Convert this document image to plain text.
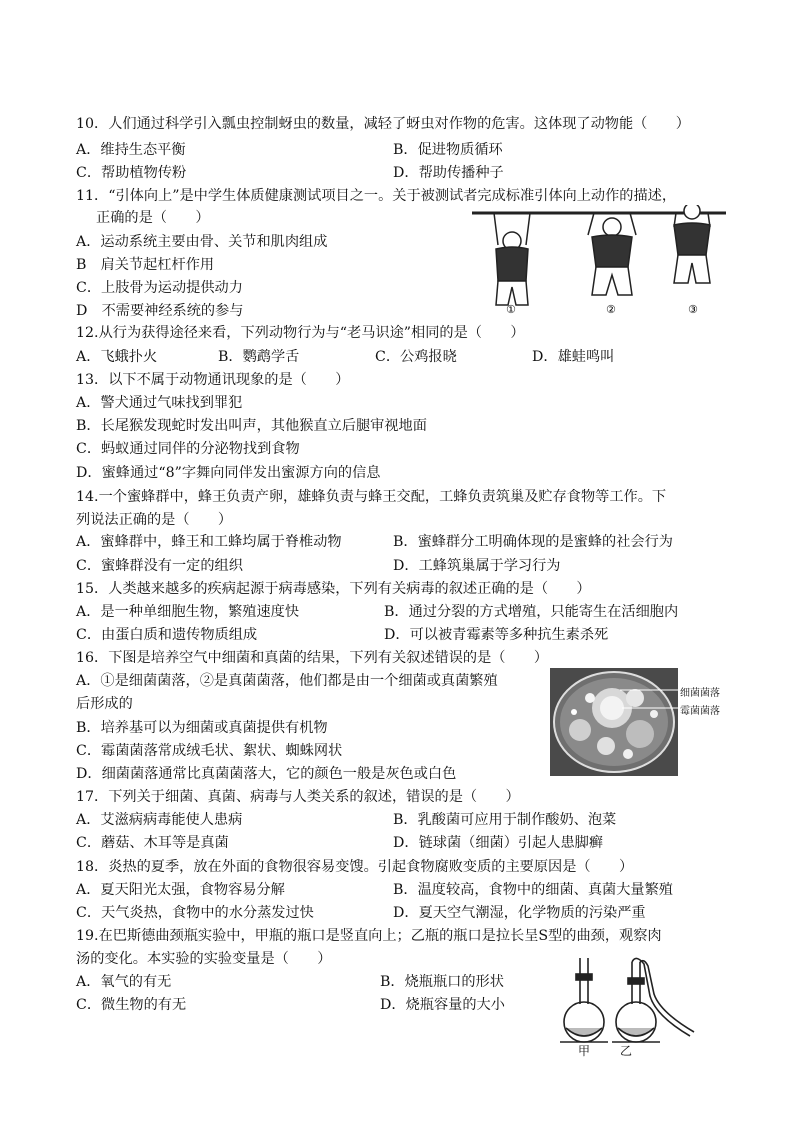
10．人们通过科学引入瓢虫控制蚜虫的数量，减轻了蚜虫对作物的危害。这体现了动物能（　　）
A．维持生态平衡	B．促进物质循环
C．帮助植物传粉	D．帮助传播种子
11．“引体向上”是中学生体质健康测试项目之一。关于被测试者完成标准引体向上动作的描述，
正确的是（　　）
A．运动系统主要由骨、关节和肌肉组成
B　肩关节起杠杆作用
C．上肢骨为运动提供动力
D　不需要神经系统的参与	①	②	③
12.从行为获得途径来看，下列动物行为与“老马识途”相同的是（　　）
A．飞蛾扑火	B．鹦鹉学舌	C．公鸡报晓	D．雄蛙鸣叫
13．以下不属于动物通讯现象的是（　　）
A．警犬通过气味找到罪犯
B．长尾猴发现蛇时发出叫声，其他猴直立后腿审视地面
C．蚂蚁通过同伴的分泌物找到食物
D．蜜蜂通过“8”字舞向同伴发出蜜源方向的信息
14.一个蜜蜂群中，蜂王负责产卵，雄蜂负责与蜂王交配，工蜂负责筑巢及贮存食物等工作。下
列说法正确的是（　　）
A．蜜蜂群中，蜂王和工蜂均属于脊椎动物	B．蜜蜂群分工明确体现的是蜜蜂的社会行为
C．蜜蜂群没有一定的组织	D．工蜂筑巢属于学习行为
15．人类越来越多的疾病起源于病毒感染，下列有关病毒的叙述正确的是（　　）
A．是一种单细胞生物，繁殖速度快	B．通过分裂的方式增殖，只能寄生在活细胞内
C．由蛋白质和遗传物质组成	D．可以被青霉素等多种抗生素杀死
16．下图是培养空气中细菌和真菌的结果，下列有关叙述错误的是（　　）
A．①是细菌菌落，②是真菌菌落，他们都是由一个细菌或真菌繁殖
后形成的
B．培养基可以为细菌或真菌提供有机物
C．霉菌菌落常成绒毛状、絮状、蜘蛛网状
D．细菌菌落通常比真菌菌落大，它的颜色一般是灰色或白色
细菌菌落
霉菌菌落
17．下列关于细菌、真菌、病毒与人类关系的叙述，错误的是（　　）
A．艾滋病病毒能使人患病	B．乳酸菌可应用于制作酸奶、泡菜
C．蘑菇、木耳等是真菌	D．链球菌（细菌）引起人患脚癣
18．炎热的夏季，放在外面的食物很容易变馊。引起食物腐败变质的主要原因是（　　）
A．夏天阳光太强，食物容易分解	B．温度较高，食物中的细菌、真菌大量繁殖
C．天气炎热，食物中的水分蒸发过快	D．夏天空气潮湿，化学物质的污染严重
19.在巴斯德曲颈瓶实验中，甲瓶的瓶口是竖直向上；乙瓶的瓶口是拉长呈S型的曲颈，观察肉
汤的变化。本实验的实验变量是（　　）
A．氧气的有无	B．烧瓶瓶口的形状
C．微生物的有无	D．烧瓶容量的大小
甲 乙
